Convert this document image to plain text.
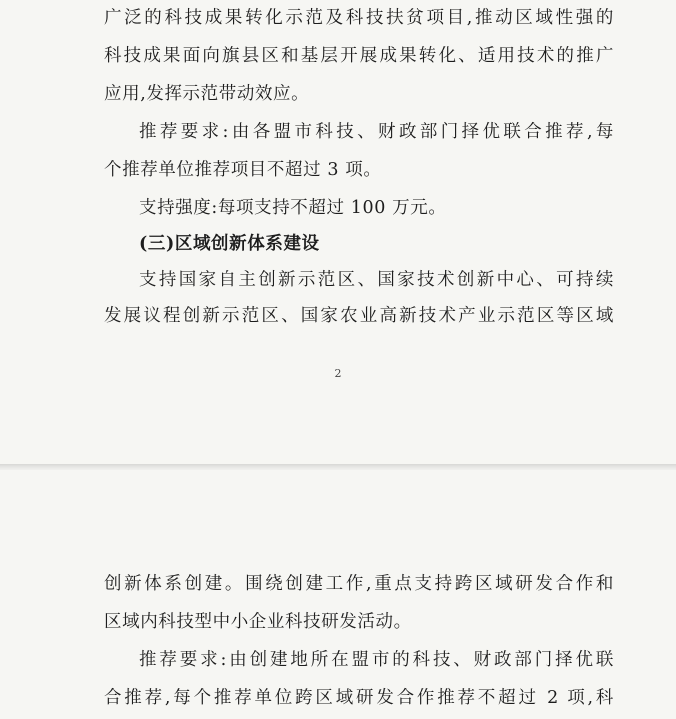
广泛的科技成果转化示范及科技扶贫项目,推动区域性强的
科技成果面向旗县区和基层开展成果转化、适用技术的推广
应用,发挥示范带动效应。
推荐要求:由各盟市科技、财政部门择优联合推荐,每
个推荐单位推荐项目不超过 3 项。
支持强度:每项支持不超过 100 万元。
(三)区域创新体系建设
支持国家自主创新示范区、国家技术创新中心、可持续
发展议程创新示范区、国家农业高新技术产业示范区等区域
2
创新体系创建。围绕创建工作,重点支持跨区域研发合作和
区域内科技型中小企业科技研发活动。
推荐要求:由创建地所在盟市的科技、财政部门择优联
合推荐,每个推荐单位跨区域研发合作推荐不超过 2 项,科
